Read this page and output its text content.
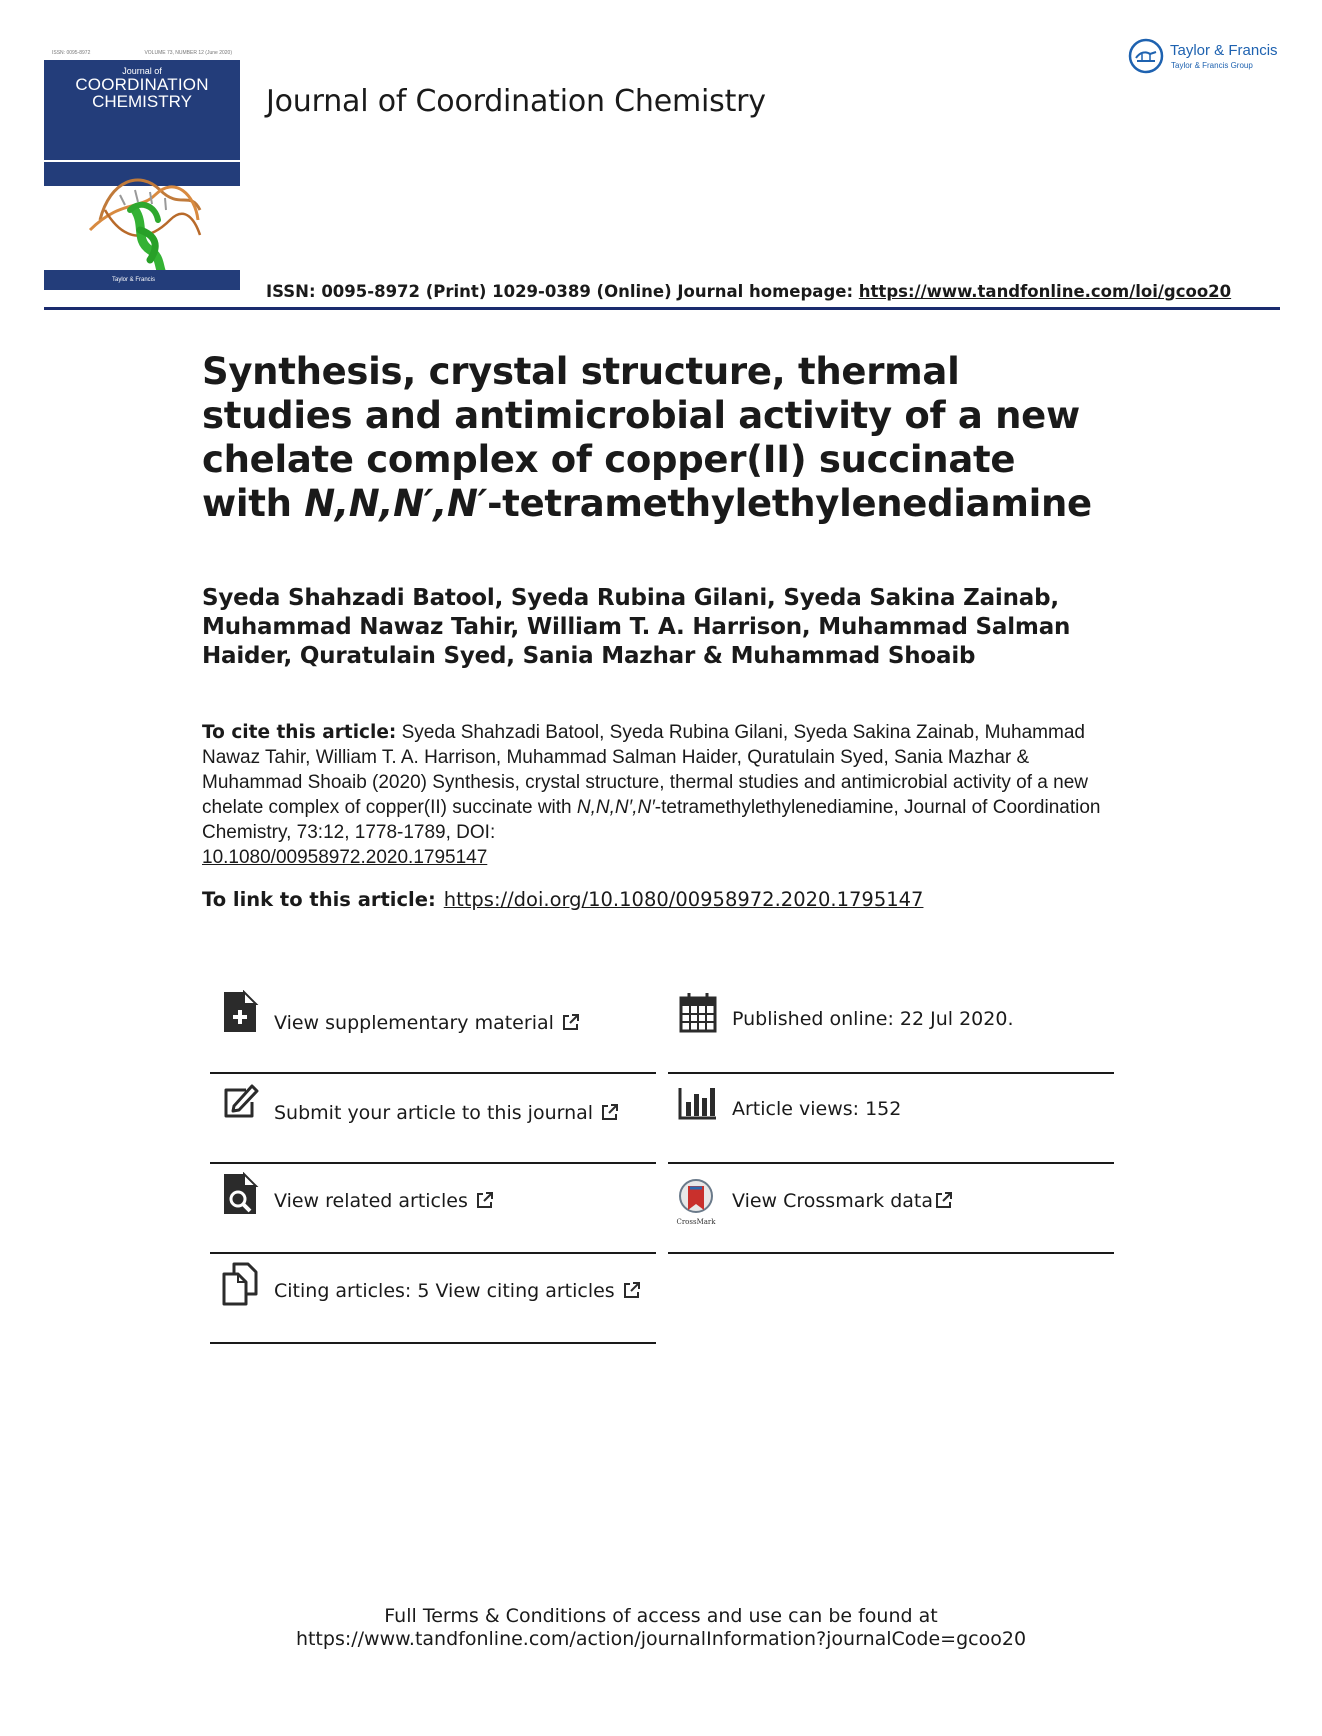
ISSN: 0095-8972	VOLUME 73, NUMBER 12 (June 2020)
Journal of
COORDINATION
CHEMISTRY
Taylor & Francis
Journal of Coordination Chemistry
Taylor & Francis
Taylor & Francis Group
ISSN: 0095-8972 (Print) 1029-0389 (Online) Journal homepage: https://www.tandfonline.com/loi/gcoo20
Synthesis, crystal structure, thermal studies and antimicrobial activity of a new chelate complex of copper(II) succinate with N,N,N′,N′-tetramethylethylenediamine
Syeda Shahzadi Batool, Syeda Rubina Gilani, Syeda Sakina Zainab, Muhammad Nawaz Tahir, William T. A. Harrison, Muhammad Salman Haider, Quratulain Syed, Sania Mazhar & Muhammad Shoaib
To cite this article: Syeda Shahzadi Batool, Syeda Rubina Gilani, Syeda Sakina Zainab, Muhammad Nawaz Tahir, William T. A. Harrison, Muhammad Salman Haider, Quratulain Syed, Sania Mazhar & Muhammad Shoaib (2020) Synthesis, crystal structure, thermal studies and antimicrobial activity of a new chelate complex of copper(II) succinate with N,N,N′,N′-tetramethylethylenediamine, Journal of Coordination Chemistry, 73:12, 1778-1789, DOI:
10.1080/00958972.2020.1795147
To link to this article: https://doi.org/10.1080/00958972.2020.1795147
View supplementary material	Published online: 22 Jul 2020.
Submit your article to this journal	Article views: 152
View related articles
CrossMark
View Crossmark data
Citing articles: 5 View citing articles
Full Terms & Conditions of access and use can be found at
https://www.tandfonline.com/action/journalInformation?journalCode=gcoo20
